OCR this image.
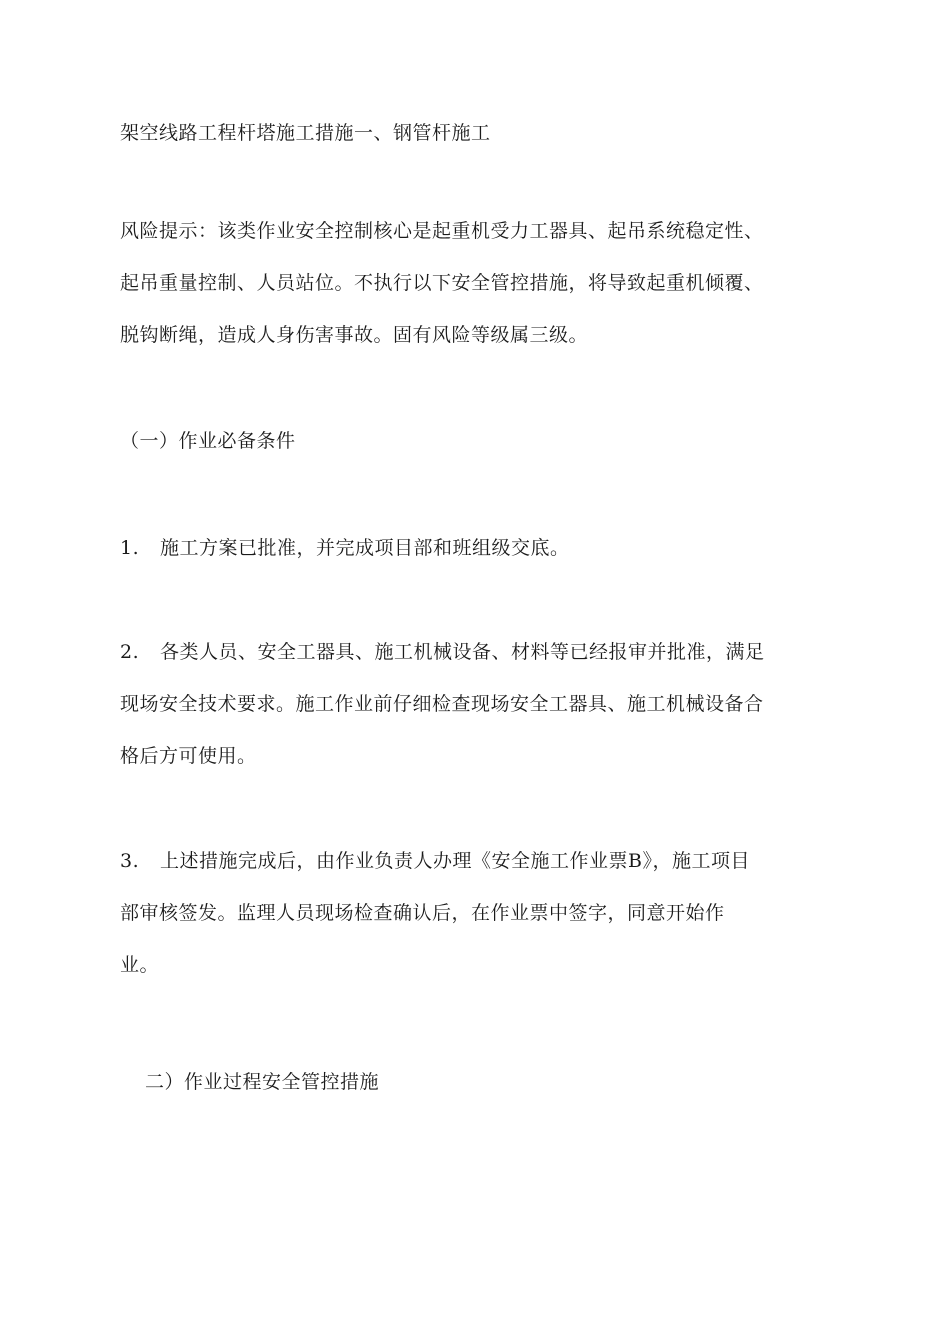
架空线路工程杆塔施工措施一、钢管杆施工
风险提示：该类作业安全控制核心是起重机受力工器具、起吊系统稳定性、
起吊重量控制、人员站位。不执行以下安全管控措施，将导致起重机倾覆、
脱钩断绳，造成人身伤害事故。固有风险等级属三级。
（一）作业必备条件
1. 施工方案已批准，并完成项目部和班组级交底。
2. 各类人员、安全工器具、施工机械设备、材料等已经报审并批准，满足
现场安全技术要求。施工作业前仔细检查现场安全工器具、施工机械设备合
格后方可使用。
3. 上述措施完成后，由作业负责人办理《安全施工作业票B》，施工项目
部审核签发。监理人员现场检查确认后，在作业票中签字，同意开始作
业。
二）作业过程安全管控措施
